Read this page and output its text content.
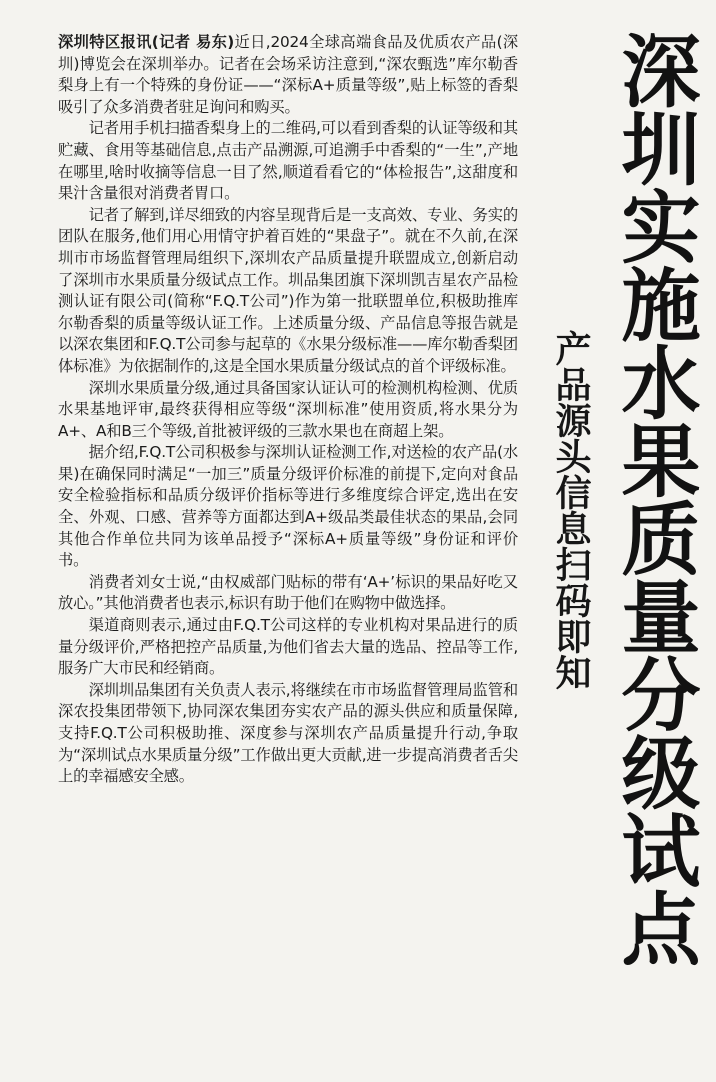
深圳实施水果质量分级试点
产品源头信息扫码即知

深圳特区报讯(记者 易东)近日,2024全球高端食品及优质农产品(深圳)博览会在深圳举办。记者在会场采访注意到,“深农甄选”库尔勒香梨身上有一个特殊的身份证——“深标A+质量等级”,贴上标签的香梨吸引了众多消费者驻足询问和购买。

记者用手机扫描香梨身上的二维码,可以看到香梨的认证等级和其贮藏、食用等基础信息,点击产品溯源,可追溯手中香梨的“一生”,产地在哪里,啥时收摘等信息一目了然,顺道看看它的“体检报告”,这甜度和果汁含量很对消费者胃口。

记者了解到,详尽细致的内容呈现背后是一支高效、专业、务实的团队在服务,他们用心用情守护着百姓的“果盘子”。就在不久前,在深圳市市场监督管理局组织下,深圳农产品质量提升联盟成立,创新启动了深圳市水果质量分级试点工作。圳品集团旗下深圳凯吉星农产品检测认证有限公司(简称“F.Q.T公司”)作为第一批联盟单位,积极助推库尔勒香梨的质量等级认证工作。上述质量分级、产品信息等报告就是以深农集团和F.Q.T公司参与起草的《水果分级标准——库尔勒香梨团体标准》为依据制作的,这是全国水果质量分级试点的首个评级标准。

深圳水果质量分级,通过具备国家认证认可的检测机构检测、优质水果基地评审,最终获得相应等级“深圳标准”使用资质,将水果分为A+、A和B三个等级,首批被评级的三款水果也在商超上架。

据介绍,F.Q.T公司积极参与深圳认证检测工作,对送检的农产品(水果)在确保同时满足“一加三”质量分级评价标准的前提下,定向对食品安全检验指标和品质分级评价指标等进行多维度综合评定,选出在安全、外观、口感、营养等方面都达到A+级品类最佳状态的果品,会同其他合作单位共同为该单品授予“深标A+质量等级”身份证和评价书。

消费者刘女士说,“由权威部门贴标的带有‘A+’标识的果品好吃又放心。”其他消费者也表示,标识有助于他们在购物中做选择。

渠道商则表示,通过由F.Q.T公司这样的专业机构对果品进行的质量分级评价,严格把控产品质量,为他们省去大量的选品、控品等工作,服务广大市民和经销商。

深圳圳品集团有关负责人表示,将继续在市市场监督管理局监管和深农投集团带领下,协同深农集团夯实农产品的源头供应和质量保障,支持F.Q.T公司积极助推、深度参与深圳农产品质量提升行动,争取为“深圳试点水果质量分级”工作做出更大贡献,进一步提高消费者舌尖上的幸福感安全感。
